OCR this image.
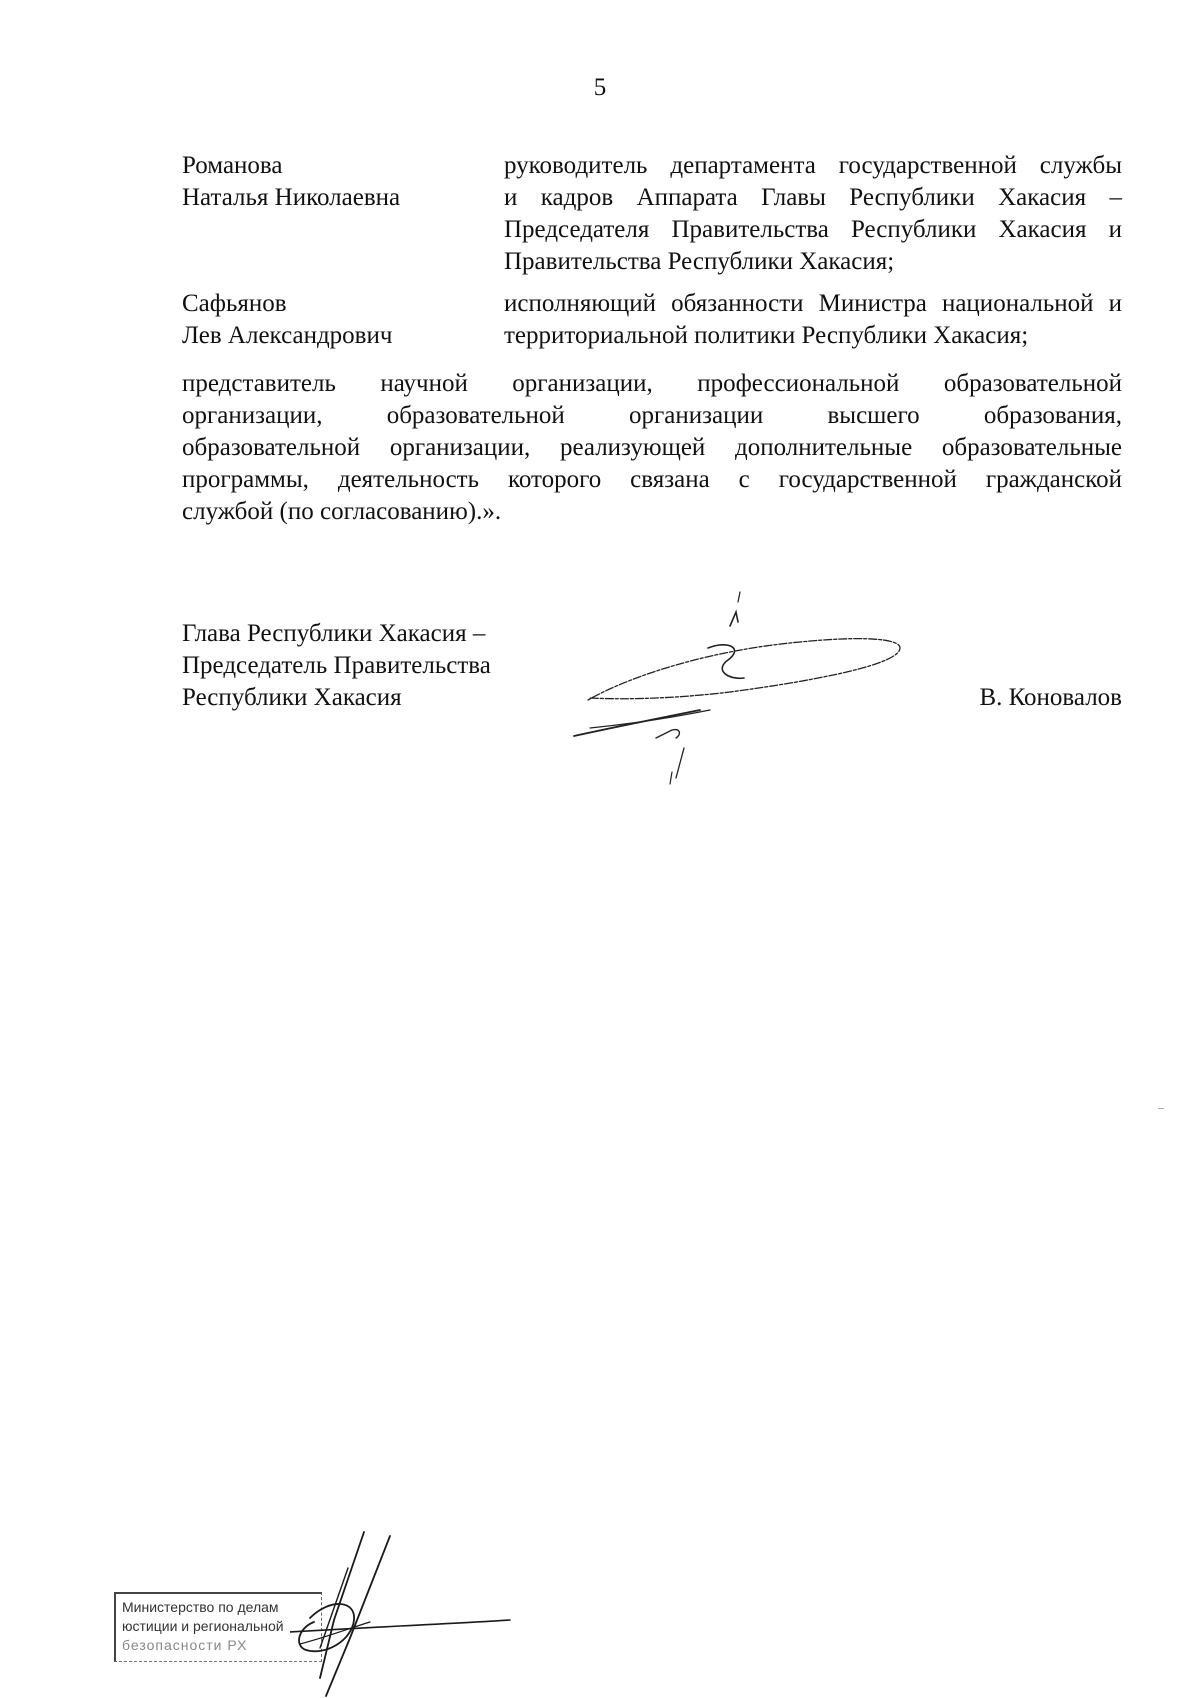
5
Романова
Наталья Николаевна
руководитель департамента государственной службы
и кадров Аппарата Главы Республики Хакасия –
Председателя Правительства Республики Хакасия и
Правительства Республики Хакасия;
Сафьянов
Лев Александрович
исполняющий обязанности Министра национальной и
территориальной политики Республики Хакасия;
представитель научной организации, профессиональной образовательной
организации, образовательной организации высшего образования,
образовательной организации, реализующей дополнительные образовательные
программы, деятельность которого связана с государственной гражданской
службой (по согласованию).».
Глава Республики Хакасия –
Председатель Правительства
Республики Хакасия	В. Коновалов
Министерство по делам
юстиции и региональной
безопасности РХ
